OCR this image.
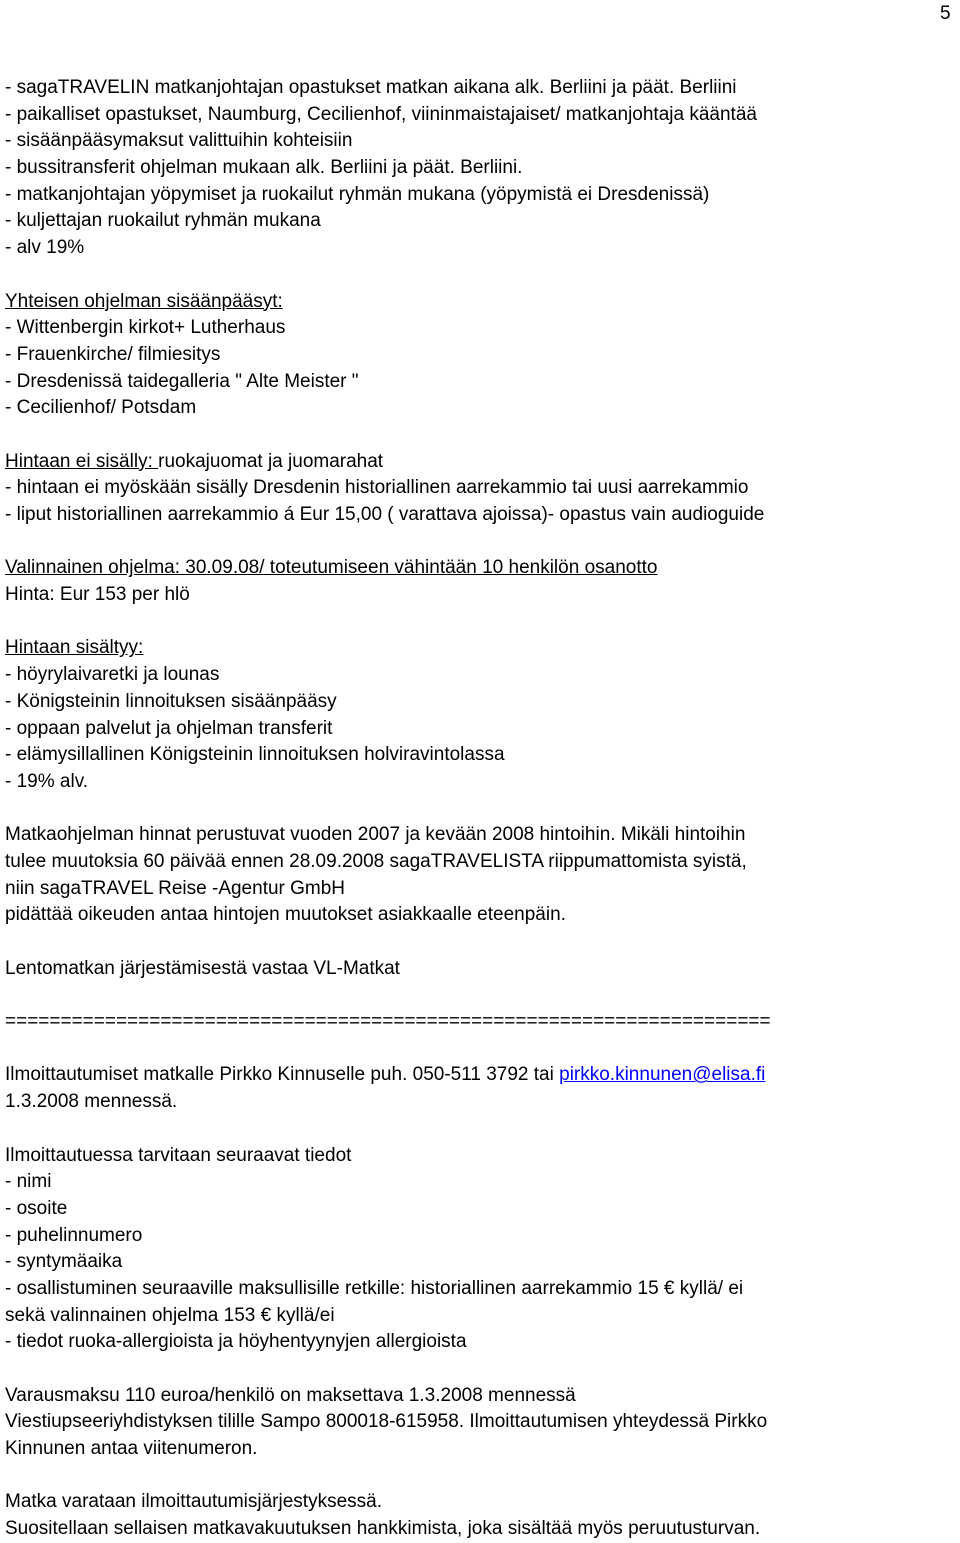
5
- sagaTRAVELIN matkanjohtajan opastukset matkan aikana alk. Berliini ja päät. Berliini
- paikalliset opastukset, Naumburg, Cecilienhof, viininmaistajaiset/ matkanjohtaja kääntää
- sisäänpääsymaksut valittuihin kohteisiin
- bussitransferit ohjelman mukaan alk. Berliini ja päät. Berliini.
- matkanjohtajan yöpymiset ja ruokailut ryhmän mukana (yöpymistä ei Dresdenissä)
- kuljettajan ruokailut ryhmän mukana
- alv 19%
Yhteisen ohjelman sisäänpääsyt:
- Wittenbergin kirkot+ Lutherhaus
- Frauenkirche/ filmiesitys
- Dresdenissä taidegalleria " Alte Meister "
- Cecilienhof/ Potsdam
Hintaan ei sisälly: ruokajuomat ja juomarahat
- hintaan ei myöskään sisälly Dresdenin historiallinen aarrekammio tai uusi aarrekammio
- liput historiallinen aarrekammio á Eur 15,00 ( varattava ajoissa)- opastus vain audioguide
Valinnainen ohjelma: 30.09.08/ toteutumiseen vähintään 10 henkilön osanotto
Hinta: Eur 153 per hlö
Hintaan sisältyy:
- höyrylaivaretki ja lounas
- Königsteinin linnoituksen sisäänpääsy
- oppaan palvelut ja ohjelman transferit
- elämysillallinen Königsteinin linnoituksen holviravintolassa
- 19% alv.
Matkaohjelman hinnat perustuvat vuoden 2007 ja kevään 2008 hintoihin. Mikäli hintoihin
tulee muutoksia 60 päivää ennen 28.09.2008 sagaTRAVELISTA riippumattomista syistä,
niin sagaTRAVEL Reise -Agentur GmbH
pidättää oikeuden antaa hintojen muutokset asiakkaalle eteenpäin.
Lentomatkan järjestämisestä vastaa VL-Matkat
=====================================================================
Ilmoittautumiset matkalle Pirkko Kinnuselle puh. 050-511 3792 tai pirkko.kinnunen@elisa.fi
1.3.2008 mennessä.
Ilmoittautuessa tarvitaan seuraavat tiedot
- nimi
- osoite
- puhelinnumero
- syntymäaika
- osallistuminen seuraaville maksullisille retkille: historiallinen aarrekammio 15 € kyllä/ ei
sekä valinnainen ohjelma 153 € kyllä/ei
- tiedot ruoka-allergioista ja höyhentyynyjen allergioista
Varausmaksu 110 euroa/henkilö on maksettava 1.3.2008 mennessä
Viestiupseeriyhdistyksen tilille Sampo 800018-615958. Ilmoittautumisen yhteydessä Pirkko
Kinnunen antaa viitenumeron.
Matka varataan ilmoittautumisjärjestyksessä.
Suositellaan sellaisen matkavakuutuksen hankkimista, joka sisältää myös peruutusturvan.
